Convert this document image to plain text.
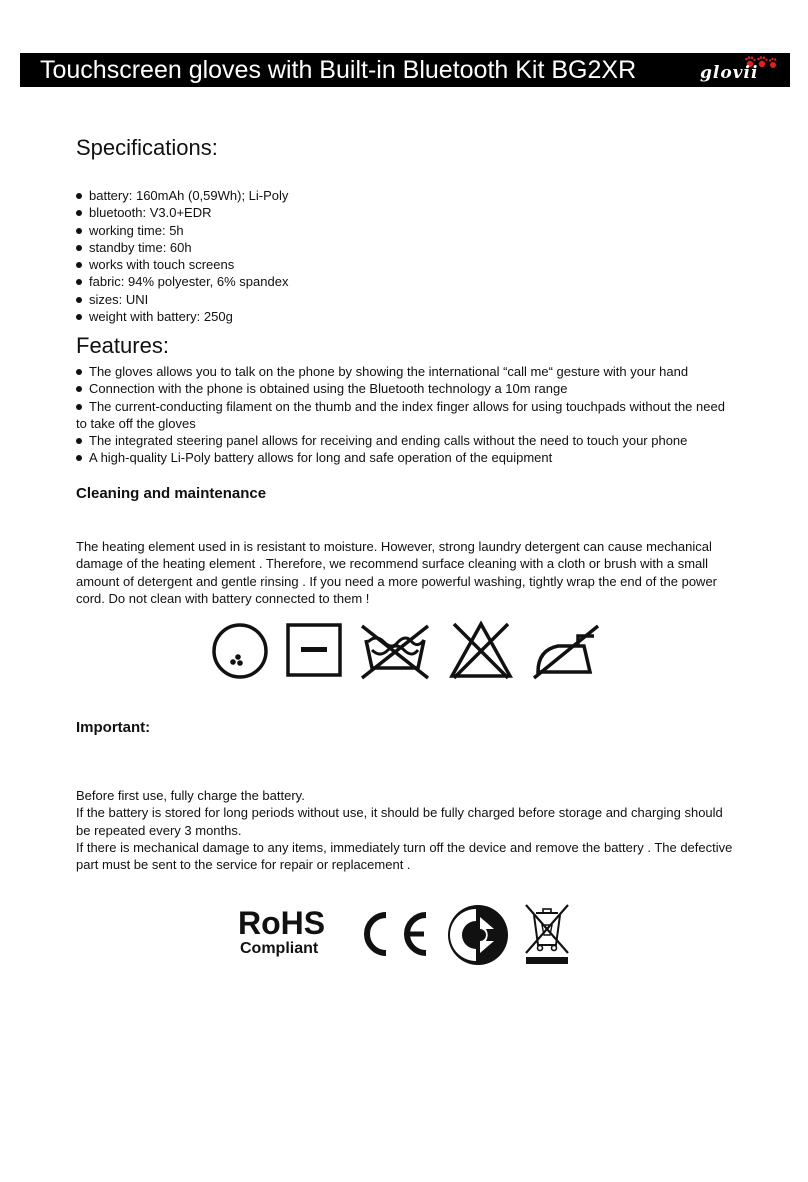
Touchscreen gloves with Built-in Bluetooth Kit BG2XR	glovii
Specifications:
battery: 160mAh (0,59Wh); Li-Poly
bluetooth: V3.0+EDR
working time: 5h
standby time: 60h
works with touch screens
fabric: 94% polyester, 6% spandex
sizes: UNI
weight with battery: 250g
Features:
The gloves allows you to talk on the phone by showing the international “call me“ gesture with your hand
Connection with the phone is obtained using the Bluetooth technology a 10m range
The current-conducting filament on the thumb and the index finger allows for using touchpads without the need to take off the gloves
The integrated steering panel allows for receiving and ending calls without the need to touch your phone
A high-quality Li-Poly battery allows for long and safe operation of the equipment
Cleaning and maintenance

The heating element used in is resistant to moisture. However, strong laundry detergent can cause mechanical damage of the heating element . Therefore, we recommend surface cleaning with a cloth or brush with a small amount of detergent and gentle rinsing . If you need a more powerful washing, tightly wrap the end of the power cord. Do not clean with battery connected to them !

Important:

Before first use, fully charge the battery.

If the battery is stored for long periods without use, it should be fully charged before storage and charging should be repeated every 3 months.

If there is mechanical damage to any items, immediately turn off the device and remove the battery . The defective part must be sent to the service for repair or replacement .

RoHS
Compliant
